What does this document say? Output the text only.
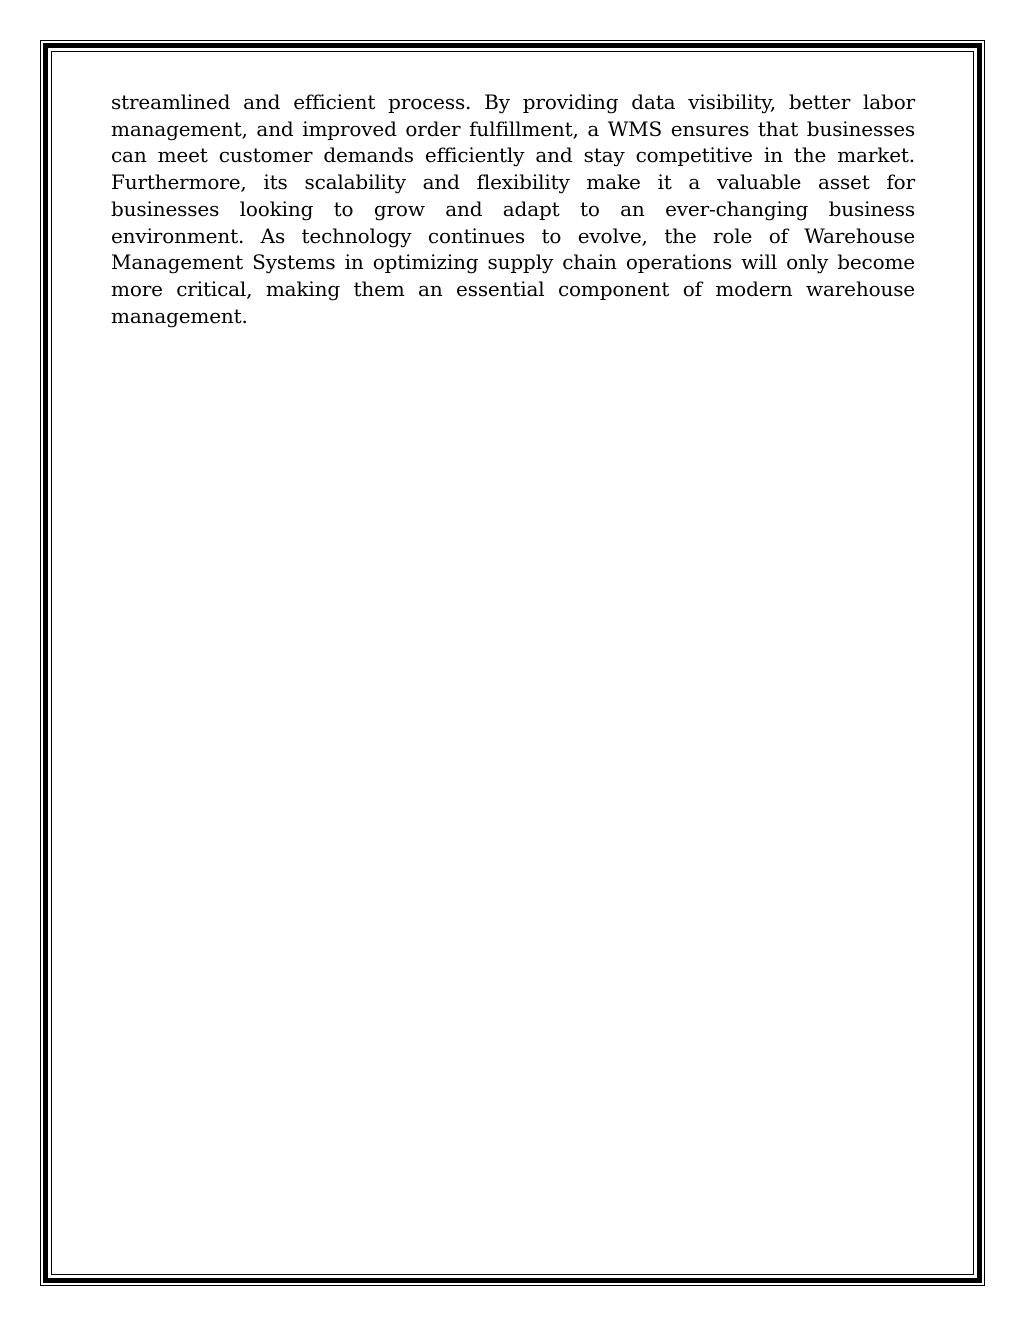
streamlined and efficient process. By providing data visibility, better labor management, and improved order fulfillment, a WMS ensures that businesses can meet customer demands efficiently and stay competitive in the market. Furthermore, its scalability and flexibility make it a valuable asset for businesses looking to grow and adapt to an ever-changing business environment. As technology continues to evolve, the role of Warehouse Management Systems in optimizing supply chain operations will only become more critical, making them an essential component of modern warehouse management.
